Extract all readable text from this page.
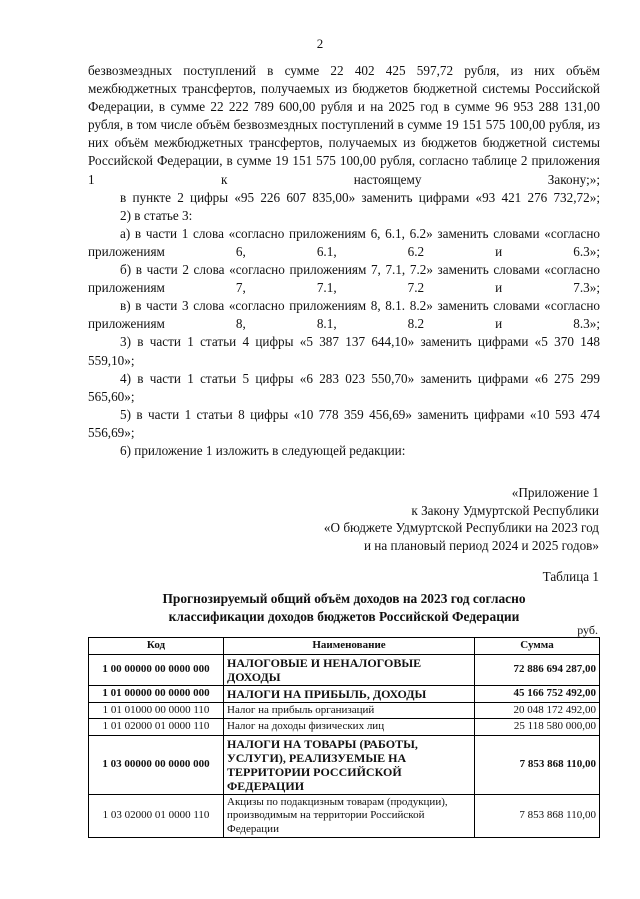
2

безвозмездных поступлений в сумме 22 402 425 597,72 рубля, из них объём межбюджетных трансфертов, получаемых из бюджетов бюджетной системы Российской Федерации, в сумме 22 222 789 600,00 рубля и на 2025 год в сумме 96 953 288 131,00 рубля, в том числе объём безвозмездных поступлений в сумме 19 151 575 100,00 рубля, из них объём межбюджетных трансфертов, получаемых из бюджетов бюджетной системы Российской Федерации, в сумме 19 151 575 100,00 рубля, согласно таблице 2 приложения 1 к настоящему Закону;»;

в пункте 2 цифры «95 226 607 835,00» заменить цифрами «93 421 276 732,72»;

2) в статье 3:

а) в части 1 слова «согласно приложениям 6, 6.1, 6.2» заменить словами «согласно приложениям 6, 6.1, 6.2 и 6.3»;

б) в части 2 слова «согласно приложениям 7, 7.1, 7.2» заменить словами «согласно приложениям 7, 7.1, 7.2 и 7.3»;

в) в части 3 слова «согласно приложениям 8, 8.1. 8.2» заменить словами «согласно приложениям 8, 8.1, 8.2 и 8.3»;

3) в части 1 статьи 4 цифры «5 387 137 644,10» заменить цифрами «5 370 148 559,10»;

4) в части 1 статьи 5 цифры «6 283 023 550,70» заменить цифрами «6 275 299 565,60»;

5) в части 1 статьи 8 цифры «10 778 359 456,69» заменить цифрами «10 593 474 556,69»;

6) приложение 1 изложить в следующей редакции:

«Приложение 1
к Закону Удмуртской Республики
«О бюджете Удмуртской Республики на 2023 год
и на плановый период 2024 и 2025 годов»
Таблица 1
Прогнозируемый общий объём доходов на 2023 год согласно
классификации доходов бюджетов Российской Федерации
руб.
Код	Наименование	Сумма
1 00 00000 00 0000 000	НАЛОГОВЫЕ И НЕНАЛОГОВЫЕ ДОХОДЫ	72 886 694 287,00
1 01 00000 00 0000 000	НАЛОГИ НА ПРИБЫЛЬ, ДОХОДЫ	45 166 752 492,00
1 01 01000 00 0000 110	Налог на прибыль организаций	20 048 172 492,00
1 01 02000 01 0000 110	Налог на доходы физических лиц	25 118 580 000,00
1 03 00000 00 0000 000	НАЛОГИ НА ТОВАРЫ (РАБОТЫ, УСЛУГИ), РЕАЛИЗУЕМЫЕ НА ТЕРРИТОРИИ РОССИЙСКОЙ ФЕДЕРАЦИИ	7 853 868 110,00
1 03 02000 01 0000 110	Акцизы по подакцизным товарам (продукции), производимым на территории Российской Федерации	7 853 868 110,00
